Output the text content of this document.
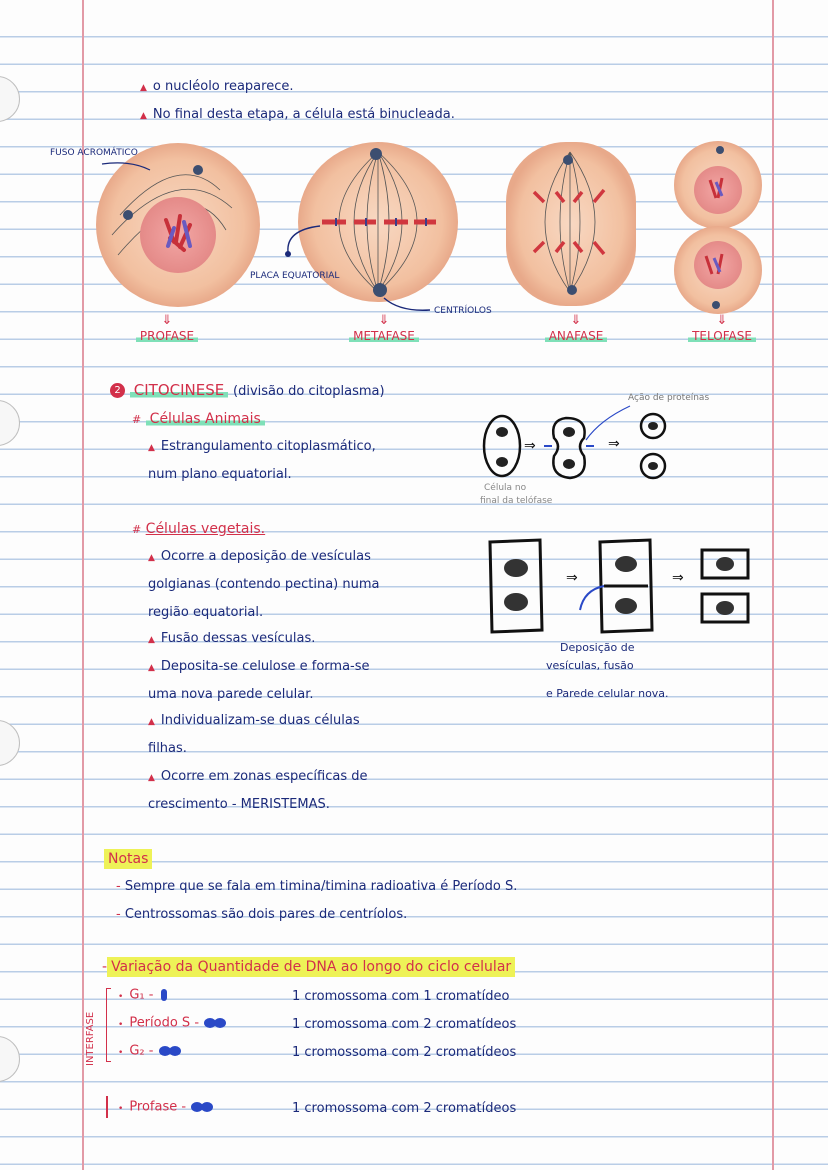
▲ o nucléolo reaparece.
▲ No final desta etapa, a célula está binucleada.
FUSO ACROMÁTICO
PLACA EQUATORIAL
CENTRÍOLOS
⇓
PROFASE
⇓
METAFASE
⇓
ANAFASE
⇓
TELOFASE
2 CITOCINESE (divisão do citoplasma)
# Células Animais
▲ Estrangulamento citoplasmático,
num plano equatorial.
⇒	⇒
Ação de proteínas
Célula no
final da telófase
# Células vegetais.
▲ Ocorre a deposição de vesículas
golgianas (contendo pectina) numa
região equatorial.
▲ Fusão dessas vesículas.
▲ Deposita-se celulose e forma-se
uma nova parede celular.
▲ Individualizam-se duas células
filhas.
▲ Ocorre em zonas específicas de
crescimento - MERISTEMAS.
⇒	⇒
Deposição de
vesículas, fusão
e Parede celular nova.
Notas
- Sempre que se fala em timina/timina radioativa é Período S.
- Centrossomas são dois pares de centríolos.
- Variação da Quantidade de DNA ao longo do ciclo celular
INTERFASE
• G₁ -	1 cromossoma com 1 cromatídeo
• Período S -	1 cromossoma com 2 cromatídeos
• G₂ -	1 cromossoma com 2 cromatídeos
• Profase -	1 cromossoma com 2 cromatídeos
